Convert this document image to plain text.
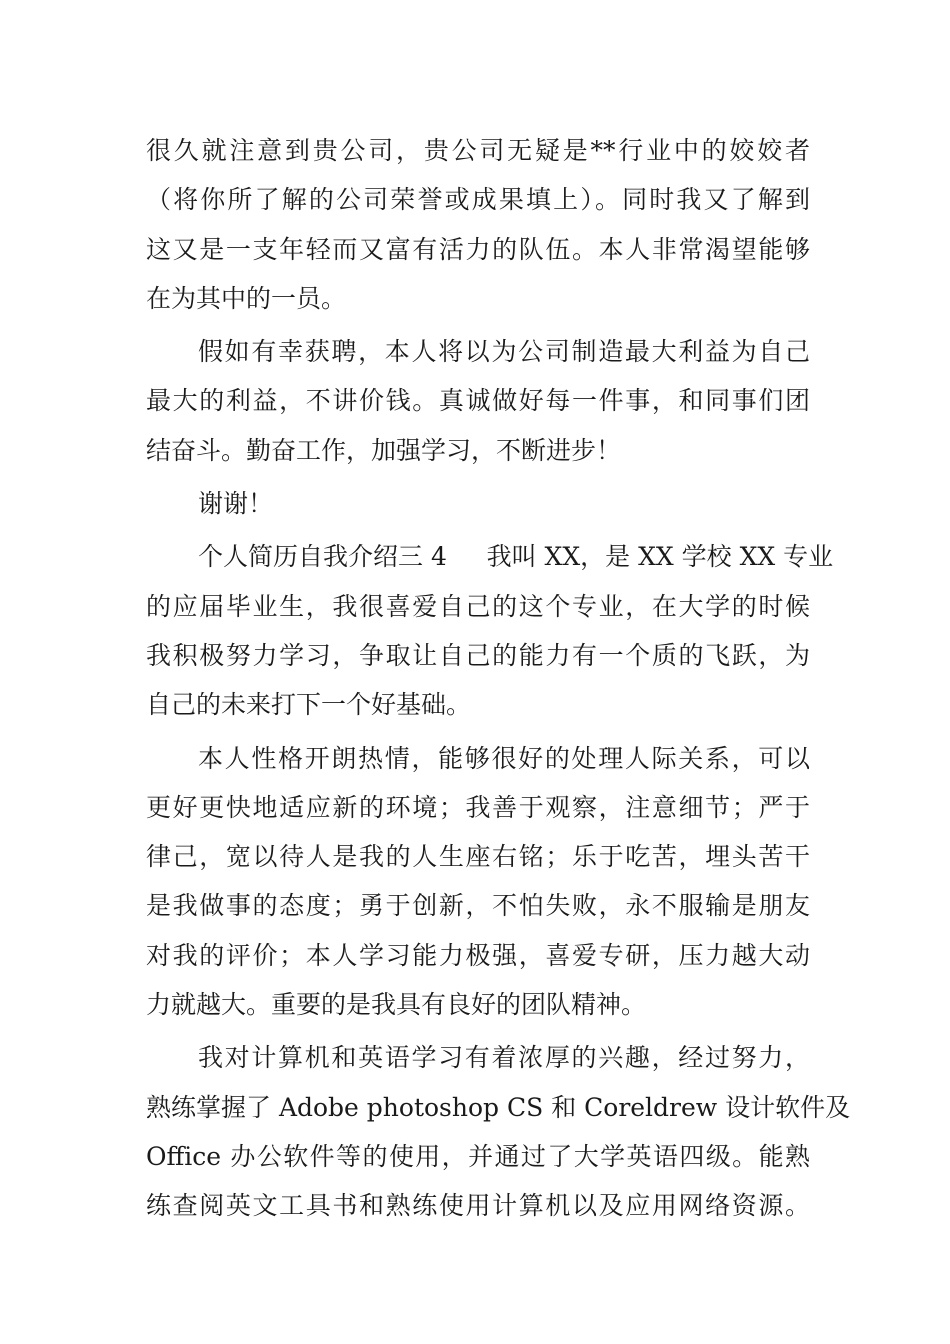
很久就注意到贵公司，贵公司无疑是**行业中的姣姣者
（将你所了解的公司荣誉或成果填上）。同时我又了解到
这又是一支年轻而又富有活力的队伍。本人非常渴望能够
在为其中的一员。
假如有幸获聘，本人将以为公司制造最大利益为自己
最大的利益，不讲价钱。真诚做好每一件事，和同事们团
结奋斗。勤奋工作，加强学习，不断进步！
谢谢！
个人简历自我介绍三 4     我叫 XX，是 XX 学校 XX 专业
的应届毕业生，我很喜爱自己的这个专业，在大学的时候
我积极努力学习，争取让自己的能力有一个质的飞跃，为
自己的未来打下一个好基础。
本人性格开朗热情，能够很好的处理人际关系，可以
更好更快地适应新的环境；我善于观察，注意细节；严于
律己，宽以待人是我的人生座右铭；乐于吃苦，埋头苦干
是我做事的态度；勇于创新，不怕失败，永不服输是朋友
对我的评价；本人学习能力极强，喜爱专研，压力越大动
力就越大。重要的是我具有良好的团队精神。
我对计算机和英语学习有着浓厚的兴趣，经过努力，
熟练掌握了 Adobe photoshop CS 和 Coreldrew 设计软件及
Office 办公软件等的使用，并通过了大学英语四级。能熟
练查阅英文工具书和熟练使用计算机以及应用网络资源。
